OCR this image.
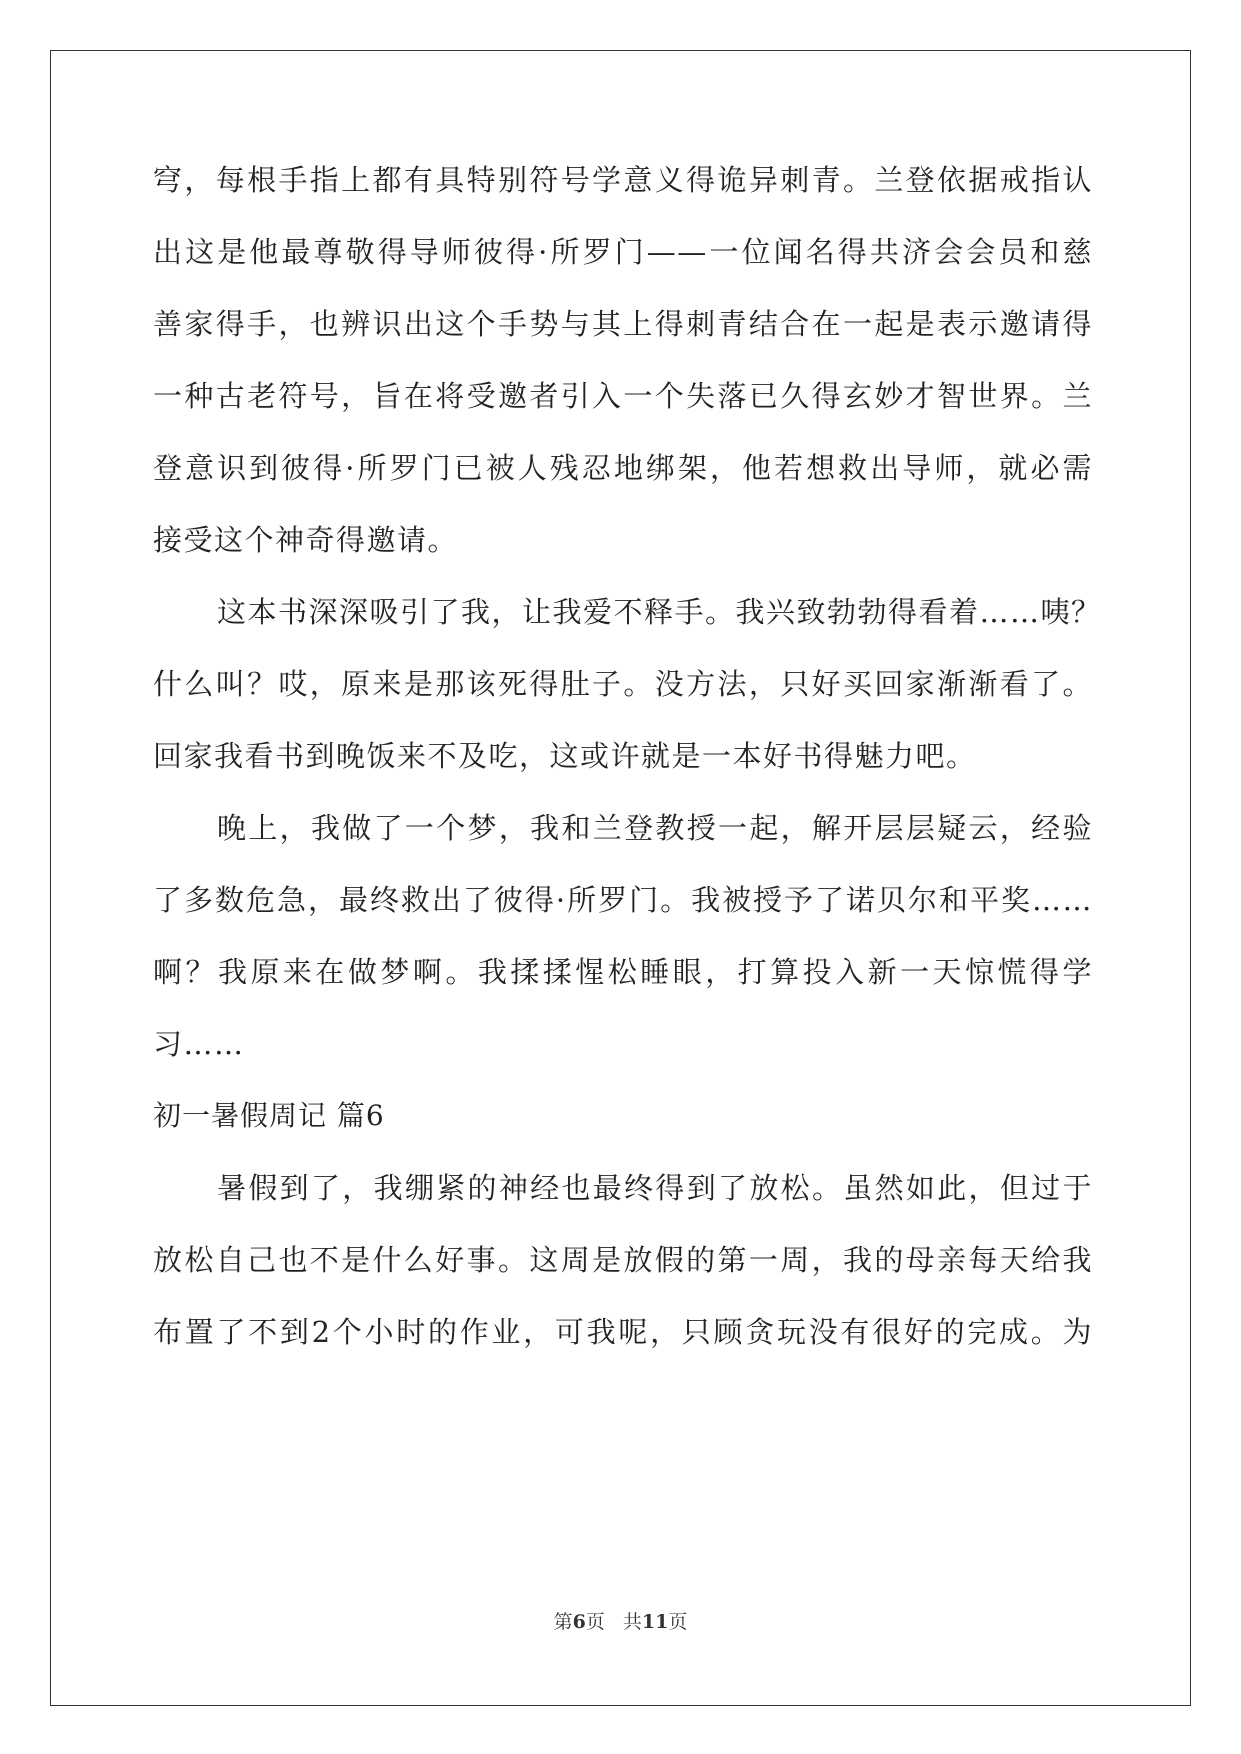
穹，每根手指上都有具特别符号学意义得诡异刺青。兰登依据戒指认
出这是他最尊敬得导师彼得·所罗门——一位闻名得共济会会员和慈
善家得手，也辨识出这个手势与其上得刺青结合在一起是表示邀请得
一种古老符号，旨在将受邀者引入一个失落已久得玄妙才智世界。兰
登意识到彼得·所罗门已被人残忍地绑架，他若想救出导师，就必需
接受这个神奇得邀请。
这本书深深吸引了我，让我爱不释手。我兴致勃勃得看着……咦？
什么叫？哎，原来是那该死得肚子。没方法，只好买回家渐渐看了。
回家我看书到晚饭来不及吃，这或许就是一本好书得魅力吧。
晚上，我做了一个梦，我和兰登教授一起，解开层层疑云，经验
了多数危急，最终救出了彼得·所罗门。我被授予了诺贝尔和平奖……
啊？我原来在做梦啊。我揉揉惺松睡眼，打算投入新一天惊慌得学
习……
初一暑假周记 篇6
暑假到了，我绷紧的神经也最终得到了放松。虽然如此，但过于
放松自己也不是什么好事。这周是放假的第一周，我的母亲每天给我
布置了不到2个小时的作业，可我呢，只顾贪玩没有很好的完成。为
第6页 共11页
